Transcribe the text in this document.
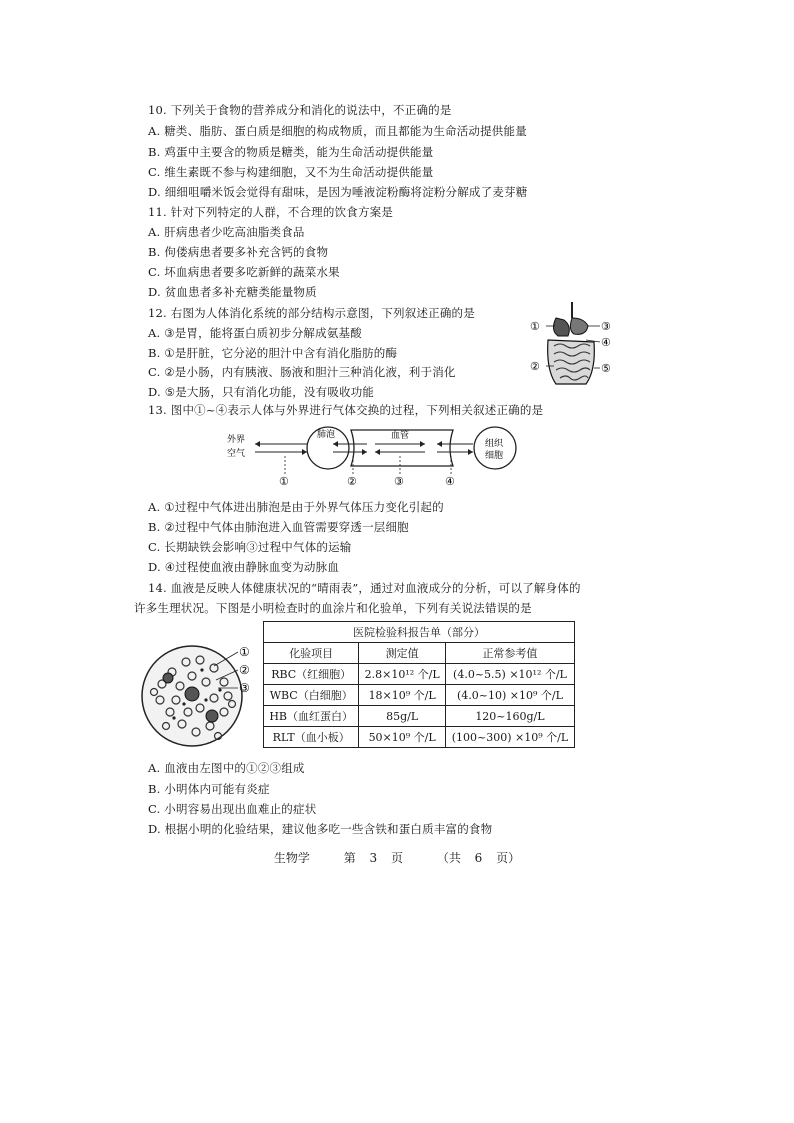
10. 下列关于食物的营养成分和消化的说法中，不正确的是
A. 糖类、脂肪、蛋白质是细胞的构成物质，而且都能为生命活动提供能量
B. 鸡蛋中主要含的物质是糖类，能为生命活动提供能量
C. 维生素既不参与构建细胞，又不为生命活动提供能量
D. 细细咀嚼米饭会觉得有甜味，是因为唾液淀粉酶将淀粉分解成了麦芽糖
11. 针对下列特定的人群，不合理的饮食方案是
A. 肝病患者少吃高油脂类食品
B. 佝偻病患者要多补充含钙的食物
C. 坏血病患者要多吃新鲜的蔬菜水果
D. 贫血患者多补充糖类能量物质
12. 右图为人体消化系统的部分结构示意图，下列叙述正确的是
A. ③是胃，能将蛋白质初步分解成氨基酸
B. ①是肝脏，它分泌的胆汁中含有消化脂肪的酶
C. ②是小肠，内有胰液、肠液和胆汁三种消化液，利于消化
D. ⑤是大肠，只有消化功能，没有吸收功能
①
②
③
④
⑤
13. 图中①~④表示人体与外界进行气体交换的过程，下列相关叙述正确的是
外界
空气
肺泡	血管
组织
细胞
①	②	③	④
A. ①过程中气体进出肺泡是由于外界气体压力变化引起的
B. ②过程中气体由肺泡进入血管需要穿透一层细胞
C. 长期缺铁会影响③过程中气体的运输
D. ④过程使血液由静脉血变为动脉血
14. 血液是反映人体健康状况的“晴雨表”，通过对血液成分的分析，可以了解身体的
许多生理状况。下图是小明检查时的血涂片和化验单，下列有关说法错误的是
①
②
③
医院检验科报告单（部分）		
化验项目	测定值	正常参考值
RBC（红细胞）	2.8×10¹² 个/L	(4.0~5.5) ×10¹² 个/L
WBC（白细胞）	18×10⁹ 个/L	(4.0~10) ×10⁹ 个/L
HB（血红蛋白）	85g/L	120~160g/L
RLT（血小板）	50×10⁹ 个/L	(100~300) ×10⁹ 个/L
A. 血液由左图中的①②③组成
B. 小明体内可能有炎症
C. 小明容易出现出血难止的症状
D. 根据小明的化验结果，建议他多吃一些含铁和蛋白质丰富的食物
生物学	第 3 页	（共 6 页）
